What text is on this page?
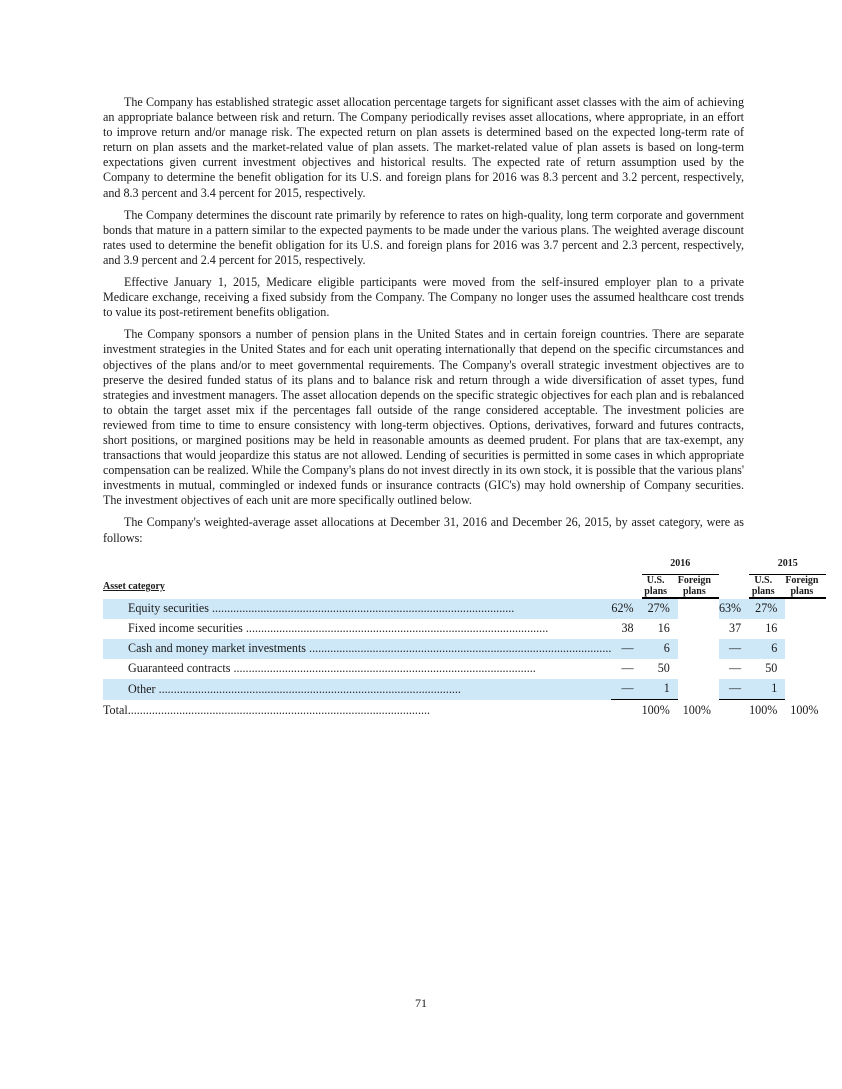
The Company has established strategic asset allocation percentage targets for significant asset classes with the aim of achieving an appropriate balance between risk and return. The Company periodically revises asset allocations, where appropriate, in an effort to improve return and/or manage risk. The expected return on plan assets is determined based on the expected long-term rate of return on plan assets and the market-related value of plan assets. The market-related value of plan assets is based on long-term expectations given current investment objectives and historical results. The expected rate of return assumption used by the Company to determine the benefit obligation for its U.S. and foreign plans for 2016 was 8.3 percent and 3.2 percent, respectively, and 8.3 percent and 3.4 percent for 2015, respectively.

The Company determines the discount rate primarily by reference to rates on high-quality, long term corporate and government bonds that mature in a pattern similar to the expected payments to be made under the various plans. The weighted average discount rates used to determine the benefit obligation for its U.S. and foreign plans for 2016 was 3.7 percent and 2.3 percent, respectively, and 3.9 percent and 2.4 percent for 2015, respectively.

Effective January 1, 2015, Medicare eligible participants were moved from the self-insured employer plan to a private Medicare exchange, receiving a fixed subsidy from the Company. The Company no longer uses the assumed healthcare cost trends to value its post-retirement benefits obligation.

The Company sponsors a number of pension plans in the United States and in certain foreign countries. There are separate investment strategies in the United States and for each unit operating internationally that depend on the specific circumstances and objectives of the plans and/or to meet governmental requirements. The Company's overall strategic investment objectives are to preserve the desired funded status of its plans and to balance risk and return through a wide diversification of asset types, fund strategies and investment managers. The asset allocation depends on the specific strategic objectives for each plan and is rebalanced to obtain the target asset mix if the percentages fall outside of the range considered acceptable. The investment policies are reviewed from time to time to ensure consistency with long-term objectives. Options, derivatives, forward and futures contracts, short positions, or margined positions may be held in reasonable amounts as deemed prudent. For plans that are tax-exempt, any transactions that would jeopardize this status are not allowed. Lending of securities is permitted in some cases in which appropriate compensation can be realized. While the Company's plans do not invest directly in its own stock, it is possible that the various plans' investments in mutual, commingled or indexed funds or insurance contracts (GIC's) may hold ownership of Company securities. The investment objectives of each unit are more specifically outlined below.

The Company's weighted-average asset allocations at December 31, 2016 and December 26, 2015, by asset category, were as follows:

		2016			2015	
Asset category		U.S. plans	Foreign plans		U.S. plans	Foreign plans
Equity securities ....................................................................................................	62%	27%		63%	27%	
Fixed income securities ....................................................................................................	38	16		37	16	
Cash and money market investments ....................................................................................................	—	6		—	6	
Guaranteed contracts ....................................................................................................	—	50		—	50	
Other ....................................................................................................	—	1		—	1	
Total....................................................................................................		100%	100%		100%	100%
71
